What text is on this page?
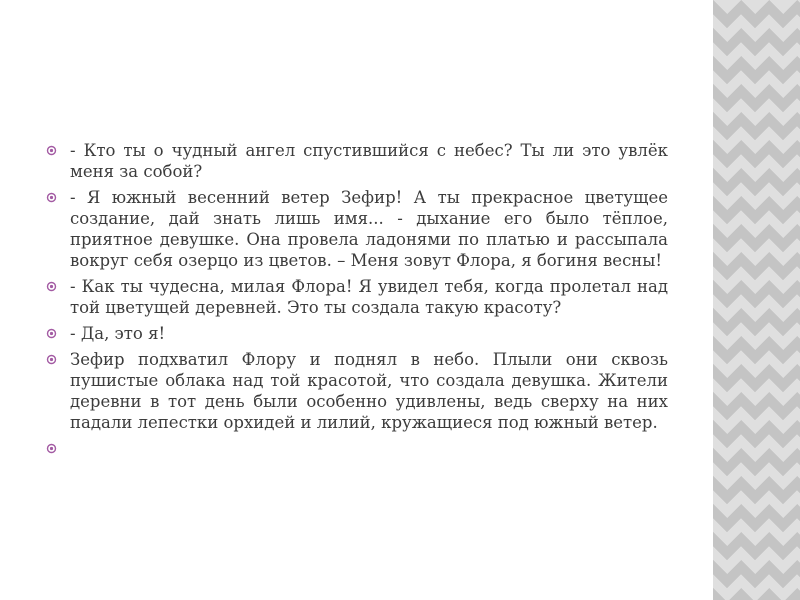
- Кто ты о чудный ангел спустившийся с небес? Ты ли это увлёк меня за собой?
- Я южный весенний ветер Зефир! А ты прекрасное цветущее создание, дай знать лишь имя... - дыхание его было тёплое, приятное девушке. Она провела ладонями по платью и рассыпала вокруг себя озерцо из цветов. – Меня зовут Флора, я богиня весны!
- Как ты чудесна, милая Флора! Я увидел тебя, когда пролетал над той цветущей деревней. Это ты создала такую красоту?
- Да, это я!
Зефир подхватил Флору и поднял в небо. Плыли они сквозь пушистые облака над той красотой, что создала девушка. Жители деревни в тот день были особенно удивлены, ведь сверху на них падали лепестки орхидей и лилий, кружащиеся под южный ветер.
